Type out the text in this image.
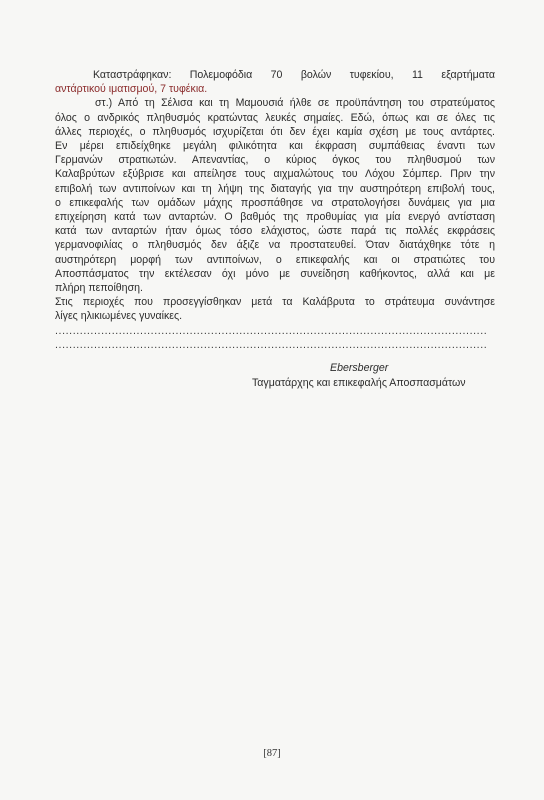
Καταστράφηκαν: Πολεμοφόδια 70 βολών τυφεκίου, 11 εξαρτήματα
αντάρτικού ιματισμού, 7 τυφέκια.
στ.) Από τη Σέλισα και τη Μαμουσιά ήλθε σε προϋπάντηση του στρατεύματος
όλος ο ανδρικός πληθυσμός κρατώντας λευκές σημαίες. Εδώ, όπως και σε όλες τις
άλλες περιοχές, ο πληθυσμός ισχυρίζεται ότι δεν έχει καμία σχέση με τους αντάρτες.
Εν μέρει επιδείχθηκε μεγάλη φιλικότητα και έκφραση συμπάθειας έναντι των
Γερμανών στρατιωτών. Απεναντίας, ο κύριος όγκος του πληθυσμού των
Καλαβρύτων εξύβρισε και απείλησε τους αιχμαλώτους του Λόχου Σόμπερ. Πριν την
επιβολή των αντιποίνων και τη λήψη της διαταγής για την αυστηρότερη επιβολή τους,
ο επικεφαλής των ομάδων μάχης προσπάθησε να στρατολογήσει δυνάμεις για μια
επιχείρηση κατά των ανταρτών. Ο βαθμός της προθυμίας για μία ενεργό αντίσταση
κατά των ανταρτών ήταν όμως τόσο ελάχιστος, ώστε παρά τις πολλές εκφράσεις
γερμανοφιλίας ο πληθυσμός δεν άξιζε να προστατευθεί. Όταν διατάχθηκε τότε η
αυστηρότερη μορφή των αντιποίνων, ο επικεφαλής και οι στρατιώτες του
Αποσπάσματος την εκτέλεσαν όχι μόνο με συνείδηση καθήκοντος, αλλά και με
πλήρη πεποίθηση.
Στις περιοχές που προσεγγίσθηκαν μετά τα Καλάβρυτα το στράτευμα συνάντησε
λίγες ηλικιωμένες γυναίκες.
..........................................................................................................................
..........................................................................................................................
Ebersberger
Ταγματάρχης και επικεφαλής Αποσπασμάτων
[87]
